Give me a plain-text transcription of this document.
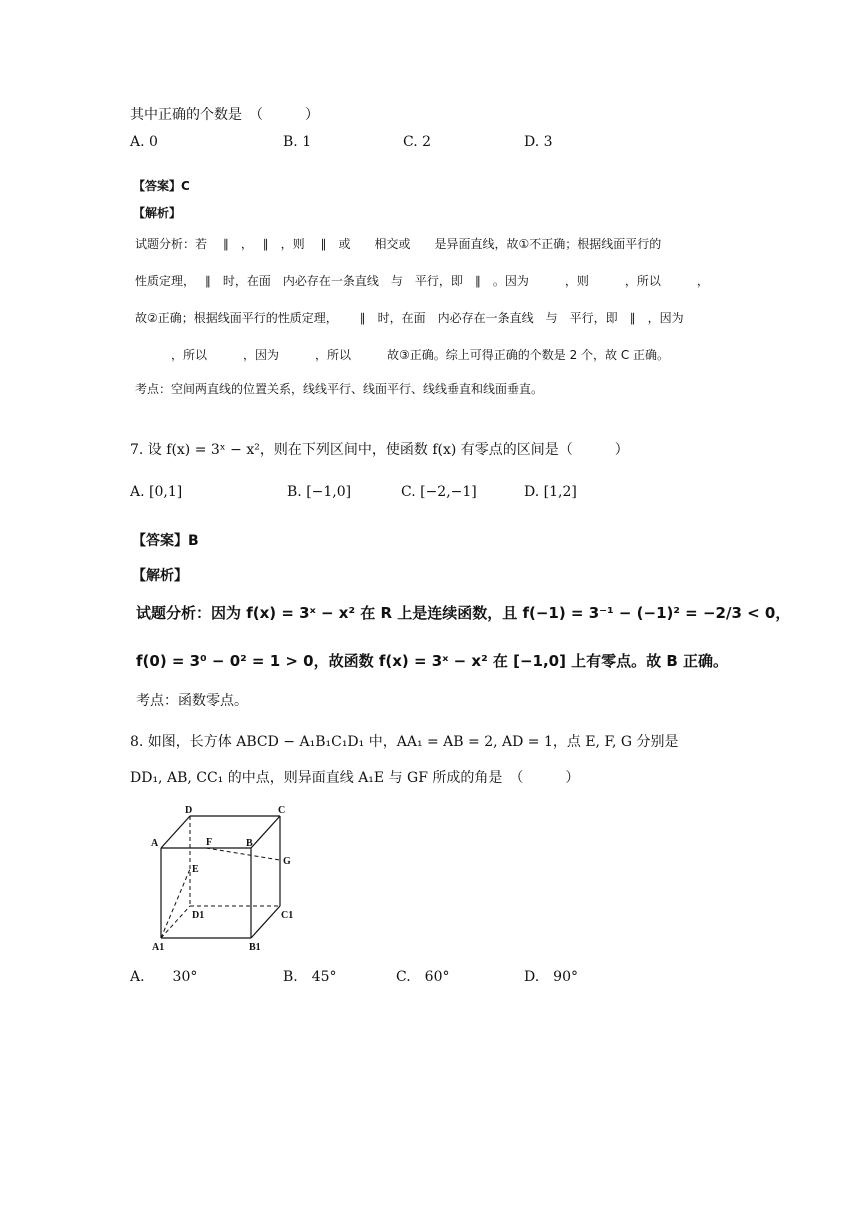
其中正确的个数是　（　　　）
A. 0	B. 1	C. 2	D. 3
【答案】C
【解析】
试题分析：若　 ∥　，　 ∥　，则　 ∥　或　　相交或　　是异面直线，故①不正确；根据线面平行的
性质定理，　 ∥　时，在面　内必存在一条直线　与　平行，即　∥　。因为　　　，则　　　，所以　　　，
故②正确；根据线面平行的性质定理，　　 ∥　时，在面　内必存在一条直线　与　平行，即　∥　，因为
　　　，所以　　　，因为　　　，所以　　　故③正确。综上可得正确的个数是 2 个，故 C 正确。
考点：空间两直线的位置关系，线线平行、线面平行、线线垂直和线面垂直。
7. 设 f(x) = 3ˣ − x²，则在下列区间中，使函数 f(x) 有零点的区间是（　　　）
A. [0,1]	B. [−1,0]	C. [−2,−1]	D. [1,2]
【答案】B
【解析】
试题分析：因为 f(x) = 3ˣ − x² 在 R 上是连续函数，且 f(−1) = 3⁻¹ − (−1)² = −2/3 < 0，
f(0) = 3⁰ − 0² = 1 > 0，故函数 f(x) = 3ˣ − x² 在 [−1,0] 上有零点。故 B 正确。
考点：函数零点。
8. 如图，长方体 ABCD − A₁B₁C₁D₁ 中，AA₁ = AB = 2, AD = 1，点 E, F, G 分别是
DD₁, AB, CC₁ 的中点，则异面直线 A₁E 与 GF 所成的角是　（　　　）
D	C
A	F	B
G
E
D1	C1
A1	B1
A.　　30°	B.　45°	C.　60°	D.　90°
